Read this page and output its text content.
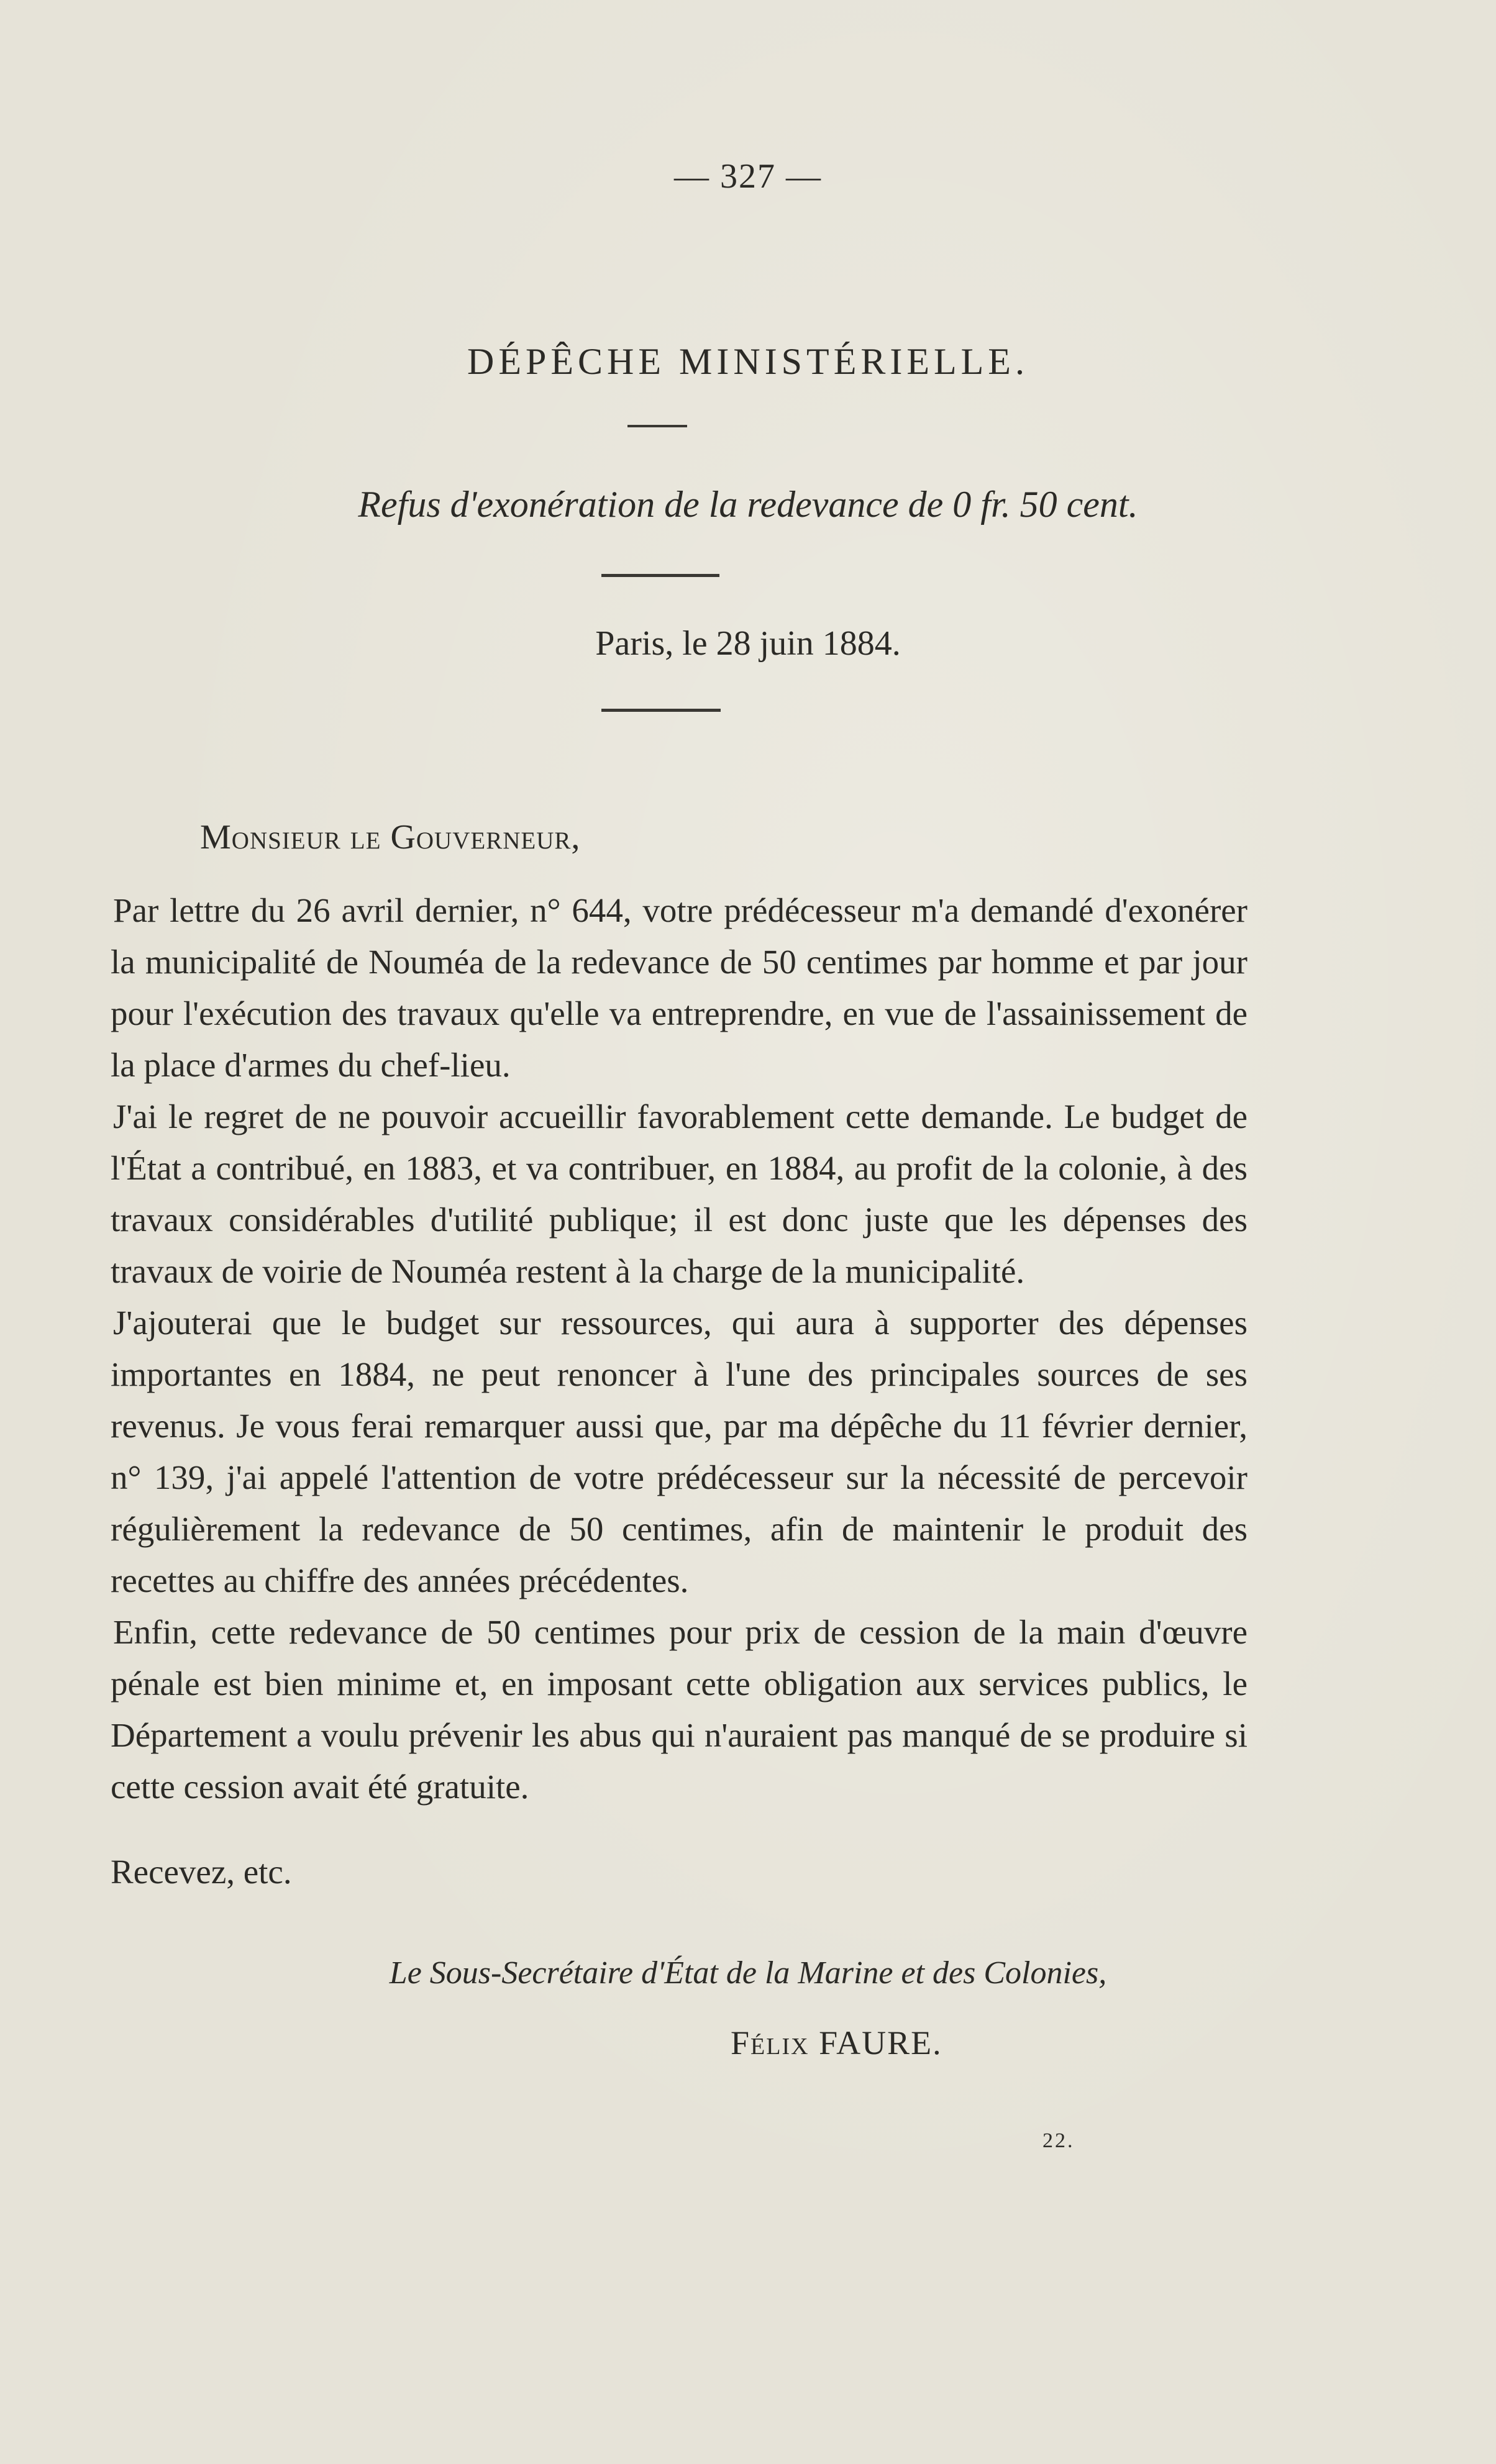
— 327 —
DÉPÊCHE MINISTÉRIELLE.
Refus d'exonération de la redevance de 0 fr. 50 cent.
Paris, le 28 juin 1884.
Monsieur le Gouverneur,

Par lettre du 26 avril dernier, n° 644, votre prédécesseur m'a demandé d'exonérer la municipalité de Nouméa de la redevance de 50 centimes par homme et par jour pour l'exécution des travaux qu'elle va entreprendre, en vue de l'assainissement de la place d'armes du chef-lieu.

J'ai le regret de ne pouvoir accueillir favorablement cette demande. Le budget de l'État a contribué, en 1883, et va contribuer, en 1884, au profit de la colonie, à des travaux considérables d'utilité publique; il est donc juste que les dépenses des travaux de voirie de Nouméa restent à la charge de la municipalité.

J'ajouterai que le budget sur ressources, qui aura à supporter des dépenses importantes en 1884, ne peut renoncer à l'une des principales sources de ses revenus. Je vous ferai remarquer aussi que, par ma dépêche du 11 février dernier, n° 139, j'ai appelé l'attention de votre prédécesseur sur la nécessité de percevoir régulièrement la redevance de 50 centimes, afin de maintenir le produit des recettes au chiffre des années précédentes.

Enfin, cette redevance de 50 centimes pour prix de cession de la main d'œuvre pénale est bien minime et, en imposant cette obligation aux services publics, le Département a voulu prévenir les abus qui n'auraient pas manqué de se produire si cette cession avait été gratuite.

Recevez, etc.
Le Sous-Secrétaire d'État de la Marine et des Colonies,
Félix FAURE.
22.
